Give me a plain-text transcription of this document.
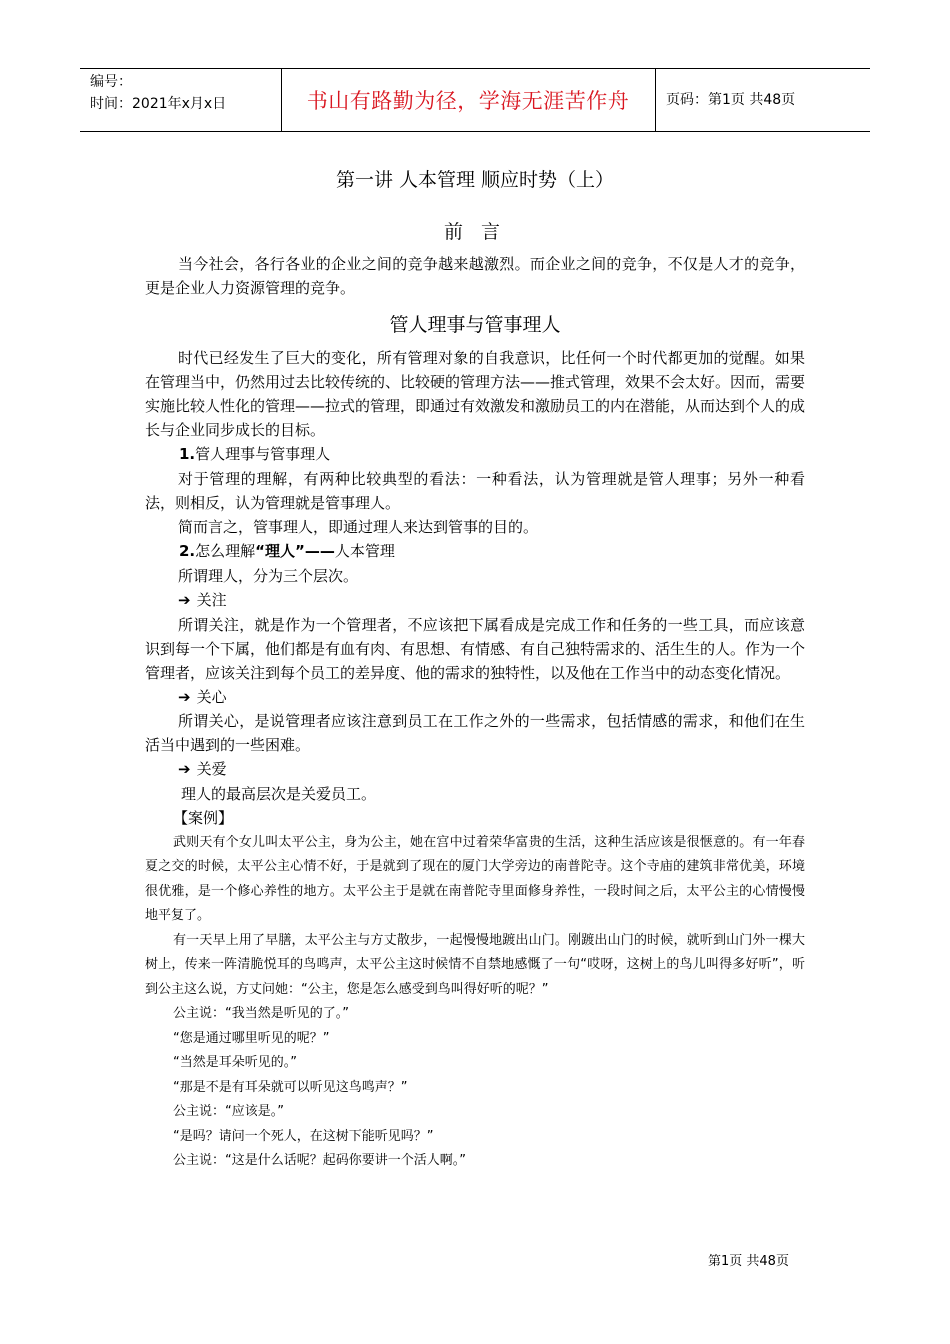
编号：
时间：2021年x月x日	书山有路勤为径，学海无涯苦作舟	页码：第1页 共48页

第一讲 人本管理 顺应时势（上）

前 言

当今社会，各行各业的企业之间的竞争越来越激烈。而企业之间的竞争，不仅是人才的竞争，更是企业人力资源管理的竞争。

管人理事与管事理人

时代已经发生了巨大的变化，所有管理对象的自我意识，比任何一个时代都更加的觉醒。如果在管理当中，仍然用过去比较传统的、比较硬的管理方法——推式管理，效果不会太好。因而，需要实施比较人性化的管理——拉式的管理，即通过有效激发和激励员工的内在潜能，从而达到个人的成长与企业同步成长的目标。

1.管人理事与管事理人

对于管理的理解，有两种比较典型的看法：一种看法，认为管理就是管人理事；另外一种看法，则相反，认为管理就是管事理人。

简而言之，管事理人，即通过理人来达到管事的目的。

2.怎么理解“理人”——人本管理

所谓理人，分为三个层次。

➔ 关注

所谓关注，就是作为一个管理者，不应该把下属看成是完成工作和任务的一些工具，而应该意识到每一个下属，他们都是有血有肉、有思想、有情感、有自己独特需求的、活生生的人。作为一个管理者，应该关注到每个员工的差异度、他的需求的独特性，以及他在工作当中的动态变化情况。

➔ 关心

所谓关心，是说管理者应该注意到员工在工作之外的一些需求，包括情感的需求，和他们在生活当中遇到的一些困难。

➔ 关爱

理人的最高层次是关爱员工。

【案例】

武则天有个女儿叫太平公主，身为公主，她在宫中过着荣华富贵的生活，这种生活应该是很惬意的。有一年春夏之交的时候，太平公主心情不好，于是就到了现在的厦门大学旁边的南普陀寺。这个寺庙的建筑非常优美，环境很优雅，是一个修心养性的地方。太平公主于是就在南普陀寺里面修身养性，一段时间之后，太平公主的心情慢慢地平复了。

有一天早上用了早膳，太平公主与方丈散步，一起慢慢地踱出山门。刚踱出山门的时候，就听到山门外一棵大树上，传来一阵清脆悦耳的鸟鸣声，太平公主这时候情不自禁地感慨了一句“哎呀，这树上的鸟儿叫得多好听”，听到公主这么说，方丈问她：“公主，您是怎么感受到鸟叫得好听的呢？”

公主说：“我当然是听见的了。”

“您是通过哪里听见的呢？”

“当然是耳朵听见的。”

“那是不是有耳朵就可以听见这鸟鸣声？”

公主说：“应该是。”

“是吗？请问一个死人，在这树下能听见吗？”

公主说：“这是什么话呢？起码你要讲一个活人啊。”

第1页 共48页
